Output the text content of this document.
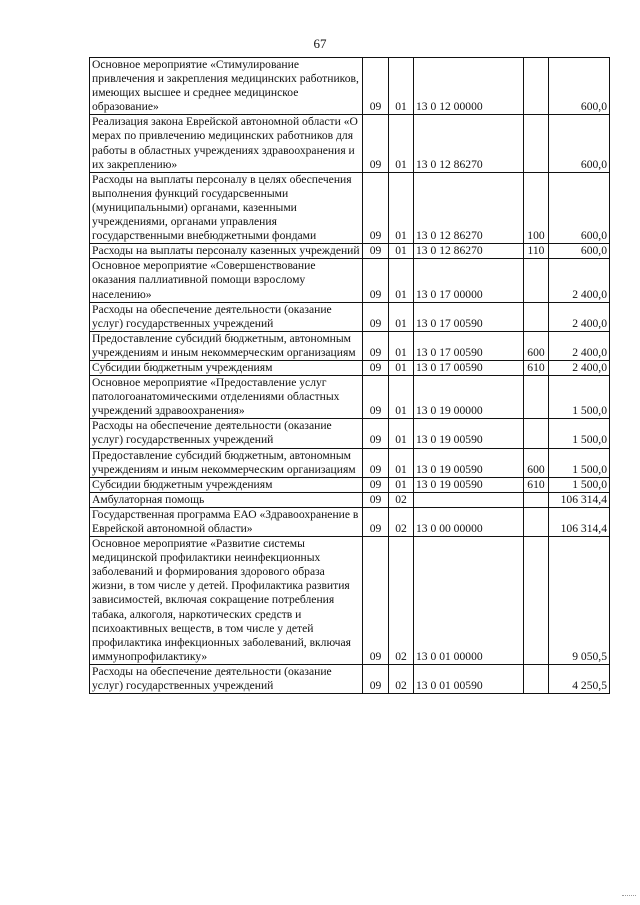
67
Основное мероприятие «Стимулирование привлечения и закрепления медицинских работников, имеющих высшее и среднее медицинское образование»	09	01	13 0 12 00000		600,0
Реализация закона Еврейской автономной области «О мерах по привлечению медицинских работников для работы в областных учреждениях здравоохранения и их закреплению»	09	01	13 0 12 86270		600,0
Расходы на выплаты персоналу в целях обеспечения выполнения функций государсвенными (муниципальными) органами, казенными учреждениями, органами управления государственными внебюджетными фондами	09	01	13 0 12 86270	100	600,0
Расходы на выплаты персоналу казенных учреждений	09	01	13 0 12 86270	110	600,0
Основное мероприятие «Совершенствование оказания паллиативной помощи взрослому населению»	09	01	13 0 17 00000		2 400,0
Расходы на обеспечение деятельности (оказание услуг) государственных учреждений	09	01	13 0 17 00590		2 400,0
Предоставление субсидий бюджетным, автономным учреждениям и иным некоммерческим организациям	09	01	13 0 17 00590	600	2 400,0
Субсидии бюджетным учреждениям	09	01	13 0 17 00590	610	2 400,0
Основное мероприятие «Предоставление услуг патологоанатомическими отделениями областных учреждений здравоохранения»	09	01	13 0 19 00000		1 500,0
Расходы на обеспечение деятельности (оказание услуг) государственных учреждений	09	01	13 0 19 00590		1 500,0
Предоставление субсидий бюджетным, автономным учреждениям и иным некоммерческим организациям	09	01	13 0 19 00590	600	1 500,0
Субсидии бюджетным учреждениям	09	01	13 0 19 00590	610	1 500,0
Амбулаторная помощь	09	02			106 314,4
Государственная программа ЕАО «Здравоохранение в Еврейской автономной области»	09	02	13 0 00 00000		106 314,4
Основное мероприятие «Развитие системы медицинской профилактики неинфекционных заболеваний и формирования здорового образа жизни, в том числе у детей. Профилактика развития зависимостей, включая сокращение потребления табака, алкоголя, наркотических средств и психоактивных веществ, в том числе у детей профилактика инфекционных заболеваний, включая иммунопрофилактику»	09	02	13 0 01 00000		9 050,5
Расходы на обеспечение деятельности (оказание услуг) государственных учреждений	09	02	13 0 01 00590		4 250,5
